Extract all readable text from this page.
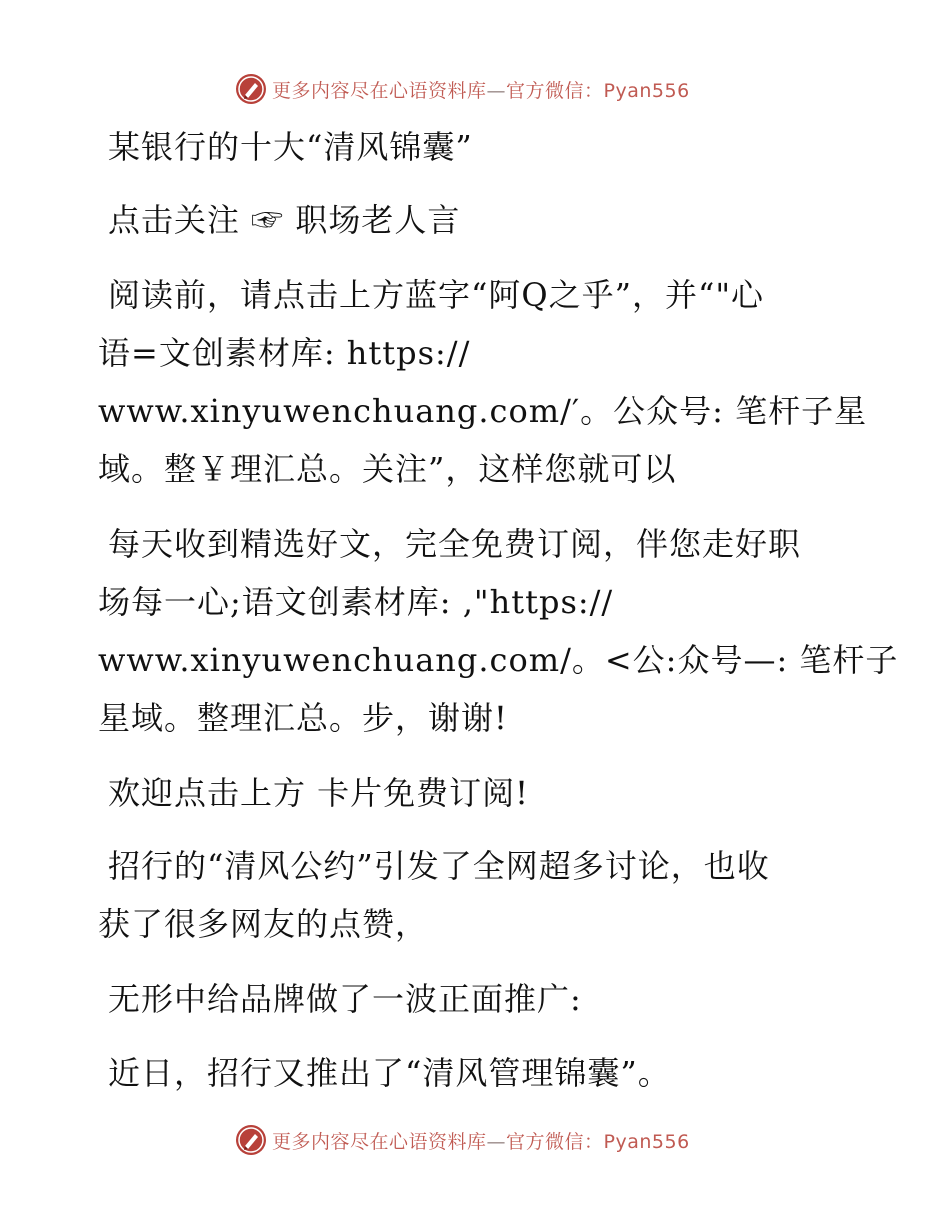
更多内容尽在心语资料库—官方微信：Pyan556
某银行的十大“清风锦囊”
点击关注 ☞ 职场老人言
阅读前，请点击上方蓝字“阿Q之乎”，并“"心
语=文创素材库: https://
www.xinyuwenchuang.com/′。公众号: 笔杆子星
域。整￥理汇总。关注”，这样您就可以
每天收到精选好文，完全免费订阅，伴您走好职
场每一心;语文创素材库: ,"https://
www.xinyuwenchuang.com/。<公:众号—: 笔杆子
星域。整理汇总。步，谢谢!
欢迎点击上方 卡片免费订阅!
招行的“清风公约”引发了全网超多讨论，也收
获了很多网友的点赞，
无形中给品牌做了一波正面推广:
近日，招行又推出了“清风管理锦囊”。
更多内容尽在心语资料库—官方微信：Pyan556
